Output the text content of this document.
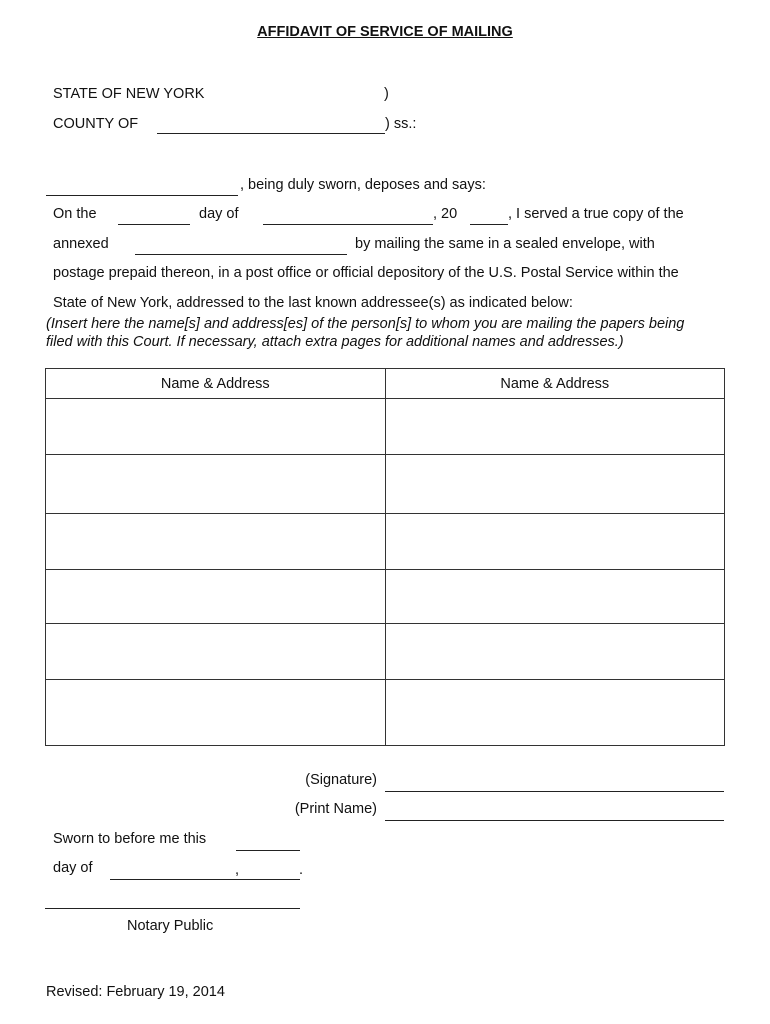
AFFIDAVIT OF SERVICE OF MAILING
STATE OF NEW YORK	)
COUNTY OF	) ss.:
, being duly sworn, deposes and says:
On the	day of	, 20	, I served a true copy of the
annexed	by mailing the same in a sealed envelope, with
postage prepaid thereon, in a post office or official depository of the U.S. Postal Service within the
State of New York, addressed to the last known addressee(s) as indicated below:
(Insert here the name[s] and address[es] of the person[s] to whom you are mailing the papers being
filed with this Court. If necessary, attach extra pages for additional names and addresses.)
Name & Address	Name & Address

(Signature)
(Print Name)
Sworn to before me this
day of	,	.
Notary Public
Revised: February 19, 2014
